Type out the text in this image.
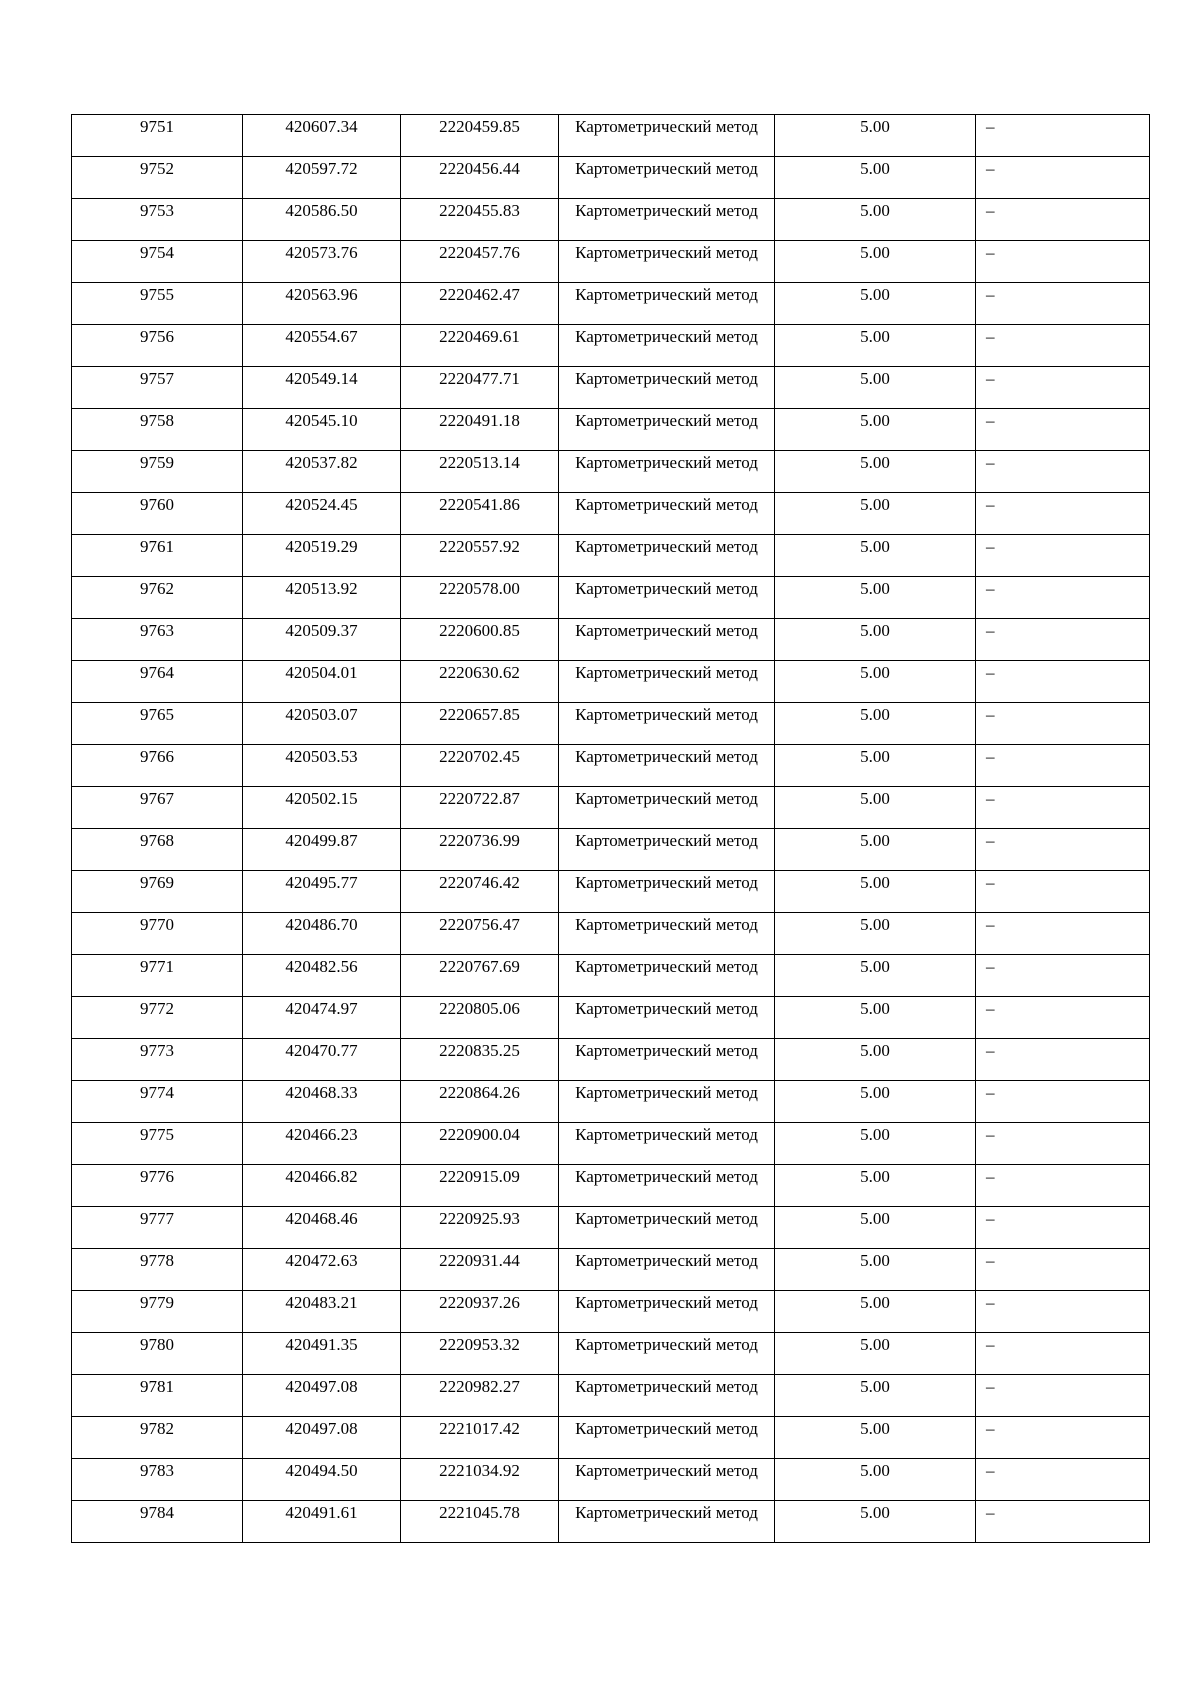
9751	420607.34	2220459.85	Картометрический метод	5.00	–

9752	420597.72	2220456.44	Картометрический метод	5.00	–

9753	420586.50	2220455.83	Картометрический метод	5.00	–

9754	420573.76	2220457.76	Картометрический метод	5.00	–

9755	420563.96	2220462.47	Картометрический метод	5.00	–

9756	420554.67	2220469.61	Картометрический метод	5.00	–

9757	420549.14	2220477.71	Картометрический метод	5.00	–

9758	420545.10	2220491.18	Картометрический метод	5.00	–

9759	420537.82	2220513.14	Картометрический метод	5.00	–

9760	420524.45	2220541.86	Картометрический метод	5.00	–

9761	420519.29	2220557.92	Картометрический метод	5.00	–

9762	420513.92	2220578.00	Картометрический метод	5.00	–

9763	420509.37	2220600.85	Картометрический метод	5.00	–

9764	420504.01	2220630.62	Картометрический метод	5.00	–

9765	420503.07	2220657.85	Картометрический метод	5.00	–

9766	420503.53	2220702.45	Картометрический метод	5.00	–

9767	420502.15	2220722.87	Картометрический метод	5.00	–

9768	420499.87	2220736.99	Картометрический метод	5.00	–

9769	420495.77	2220746.42	Картометрический метод	5.00	–

9770	420486.70	2220756.47	Картометрический метод	5.00	–

9771	420482.56	2220767.69	Картометрический метод	5.00	–

9772	420474.97	2220805.06	Картометрический метод	5.00	–

9773	420470.77	2220835.25	Картометрический метод	5.00	–

9774	420468.33	2220864.26	Картометрический метод	5.00	–

9775	420466.23	2220900.04	Картометрический метод	5.00	–

9776	420466.82	2220915.09	Картометрический метод	5.00	–

9777	420468.46	2220925.93	Картометрический метод	5.00	–

9778	420472.63	2220931.44	Картометрический метод	5.00	–

9779	420483.21	2220937.26	Картометрический метод	5.00	–

9780	420491.35	2220953.32	Картометрический метод	5.00	–

9781	420497.08	2220982.27	Картометрический метод	5.00	–

9782	420497.08	2221017.42	Картометрический метод	5.00	–

9783	420494.50	2221034.92	Картометрический метод	5.00	–

9784	420491.61	2221045.78	Картометрический метод	5.00	–
